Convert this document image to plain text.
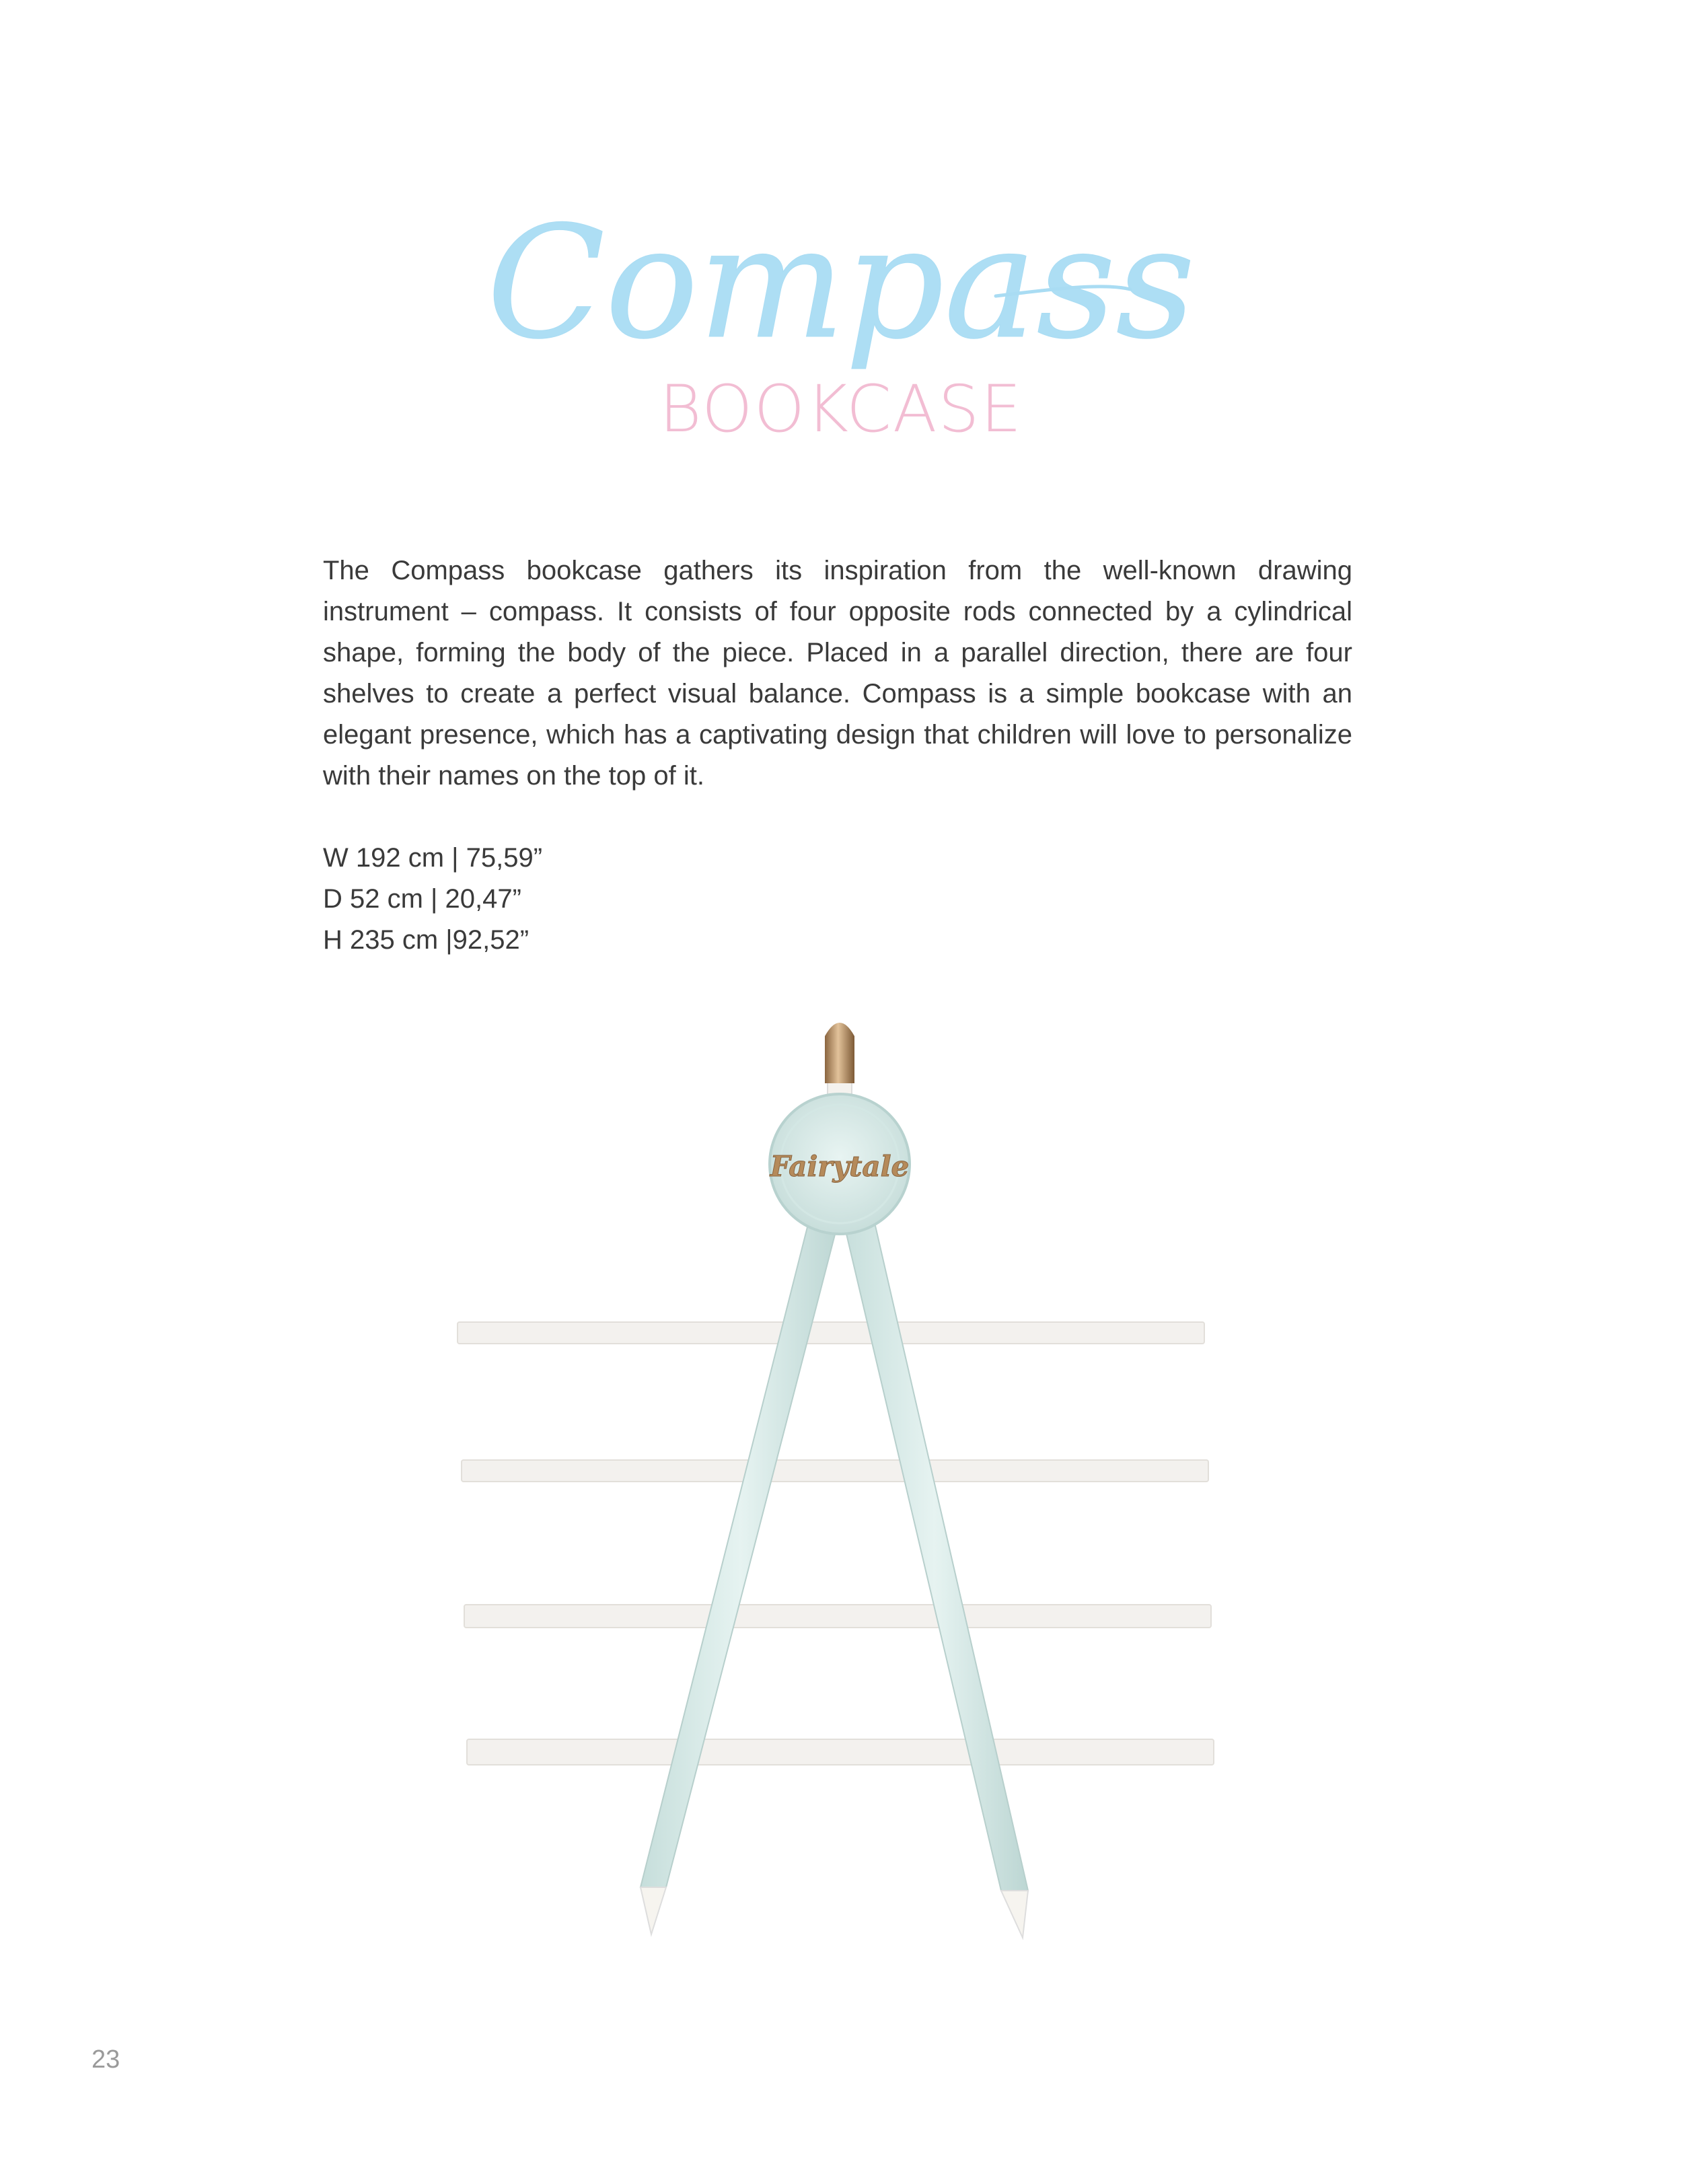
Compass
BOOKCASE
The Compass bookcase gathers its inspiration from the well-known drawing instrument – compass. It consists of four opposite rods connected by a cylindrical shape, forming the body of the piece. Placed in a parallel direction, there are four shelves to create a perfect visual balance. Compass is a simple bookcase with an elegant presence, which has a captivating design that children will love to personalize with their names on the top of it.
W 192 cm | 75,59”
D 52 cm | 20,47”
H 235 cm |92,52”
Fairytale
23
